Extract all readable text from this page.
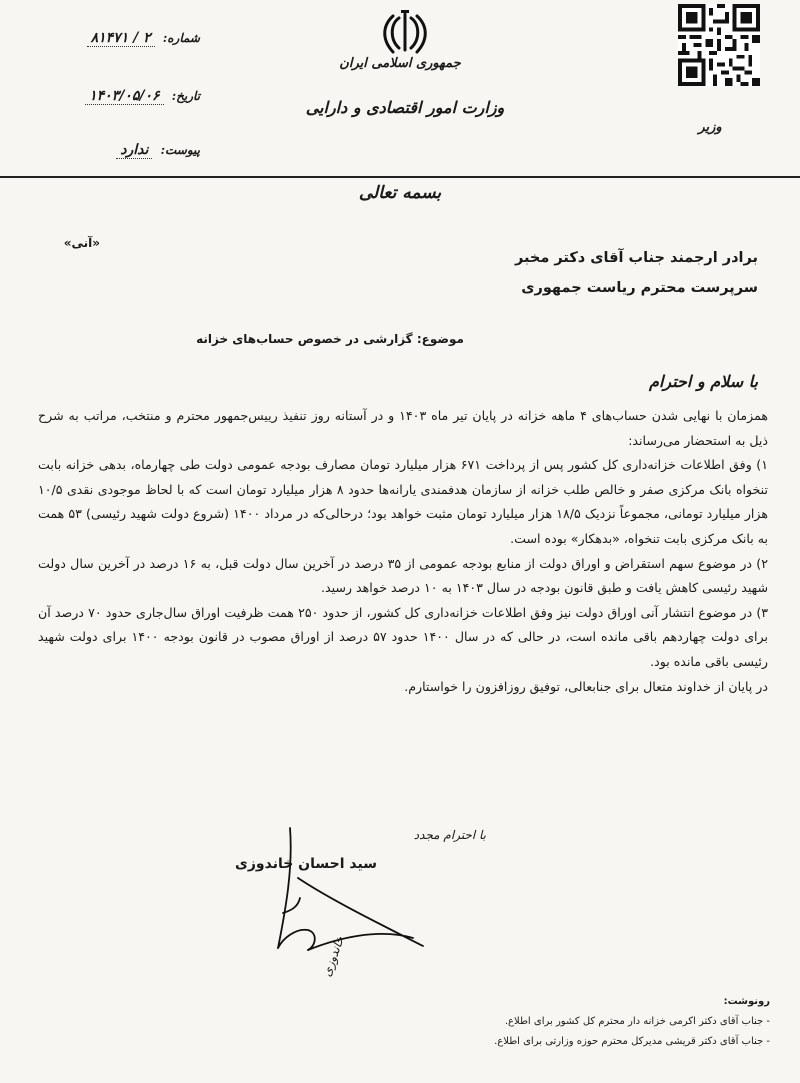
جمهوری اسلامی ایران
وزارت امور اقتصادی و دارایی
وزیر
شماره: ۲ / ۸۱۴۷۱
تاریخ: ۱۴۰۳/۰۵/۰۶
پیوست: ندارد
بسمه تعالی
«آنی»
برادر ارجمند جناب آقای دکتر مخبر
سرپرست محترم ریاست جمهوری
موضوع: گزارشی در خصوص حساب‌های خزانه
با سلام و احترام

همزمان با نهایی شدن حساب‌های ۴ ماهه خزانه در پایان تیر ماه ۱۴۰۳ و در آستانه روز تنفیذ رییس‌جمهور محترم و منتخب، مراتب به شرح ذیل به استحضار می‌رساند:

۱) وفق اطلاعات خزانه‌داری کل کشور پس از پرداخت ۶۷۱ هزار میلیارد تومان مصارف بودجه عمومی دولت طی چهارماه، بدهی خزانه بابت تنخواه بانک مرکزی صفر و خالص طلب خزانه از سازمان هدفمندی یارانه‌ها حدود ۸ هزار میلیارد تومان است که با لحاظ موجودی نقدی ۱۰/۵ هزار میلیارد تومانی، مجموعاً نزدیک ۱۸/۵ هزار میلیارد تومان مثبت خواهد بود؛ درحالی‌که در مرداد ۱۴۰۰ (شروع دولت شهید رئیسی) ۵۳ همت به بانک مرکزی بابت تنخواه، «بدهکار» بوده است.

۲) در موضوع سهم استقراض و اوراق دولت از منابع بودجه عمومی از ۳۵ درصد در آخرین سال دولت قبل، به ۱۶ درصد در آخرین سال دولت شهید رئیسی کاهش یافت و طبق قانون بودجه در سال ۱۴۰۳ به ۱۰ درصد خواهد رسید.

۳) در موضوع انتشار آنی اوراق دولت نیز وفق اطلاعات خزانه‌داری کل کشور، از حدود ۲۵۰ همت ظرفیت اوراق سال‌جاری حدود ۷۰ درصد آن برای دولت چهاردهم باقی مانده است، در حالی که در سال ۱۴۰۰ حدود ۵۷ درصد از اوراق مصوب در قانون بودجه ۱۴۰۰ برای دولت شهید رئیسی باقی مانده بود.

در پایان از خداوند متعال برای جنابعالی، توفیق روزافزون را خواستارم.

با احترام مجدد
سید احسان خاندوزی
خاندوزی
رونوشت:
- جناب آقای دکتر اکرمی خزانه دار محترم کل کشور برای اطلاع.
- جناب آقای دکتر قریشی مدیرکل محترم حوزه وزارتی برای اطلاع.
